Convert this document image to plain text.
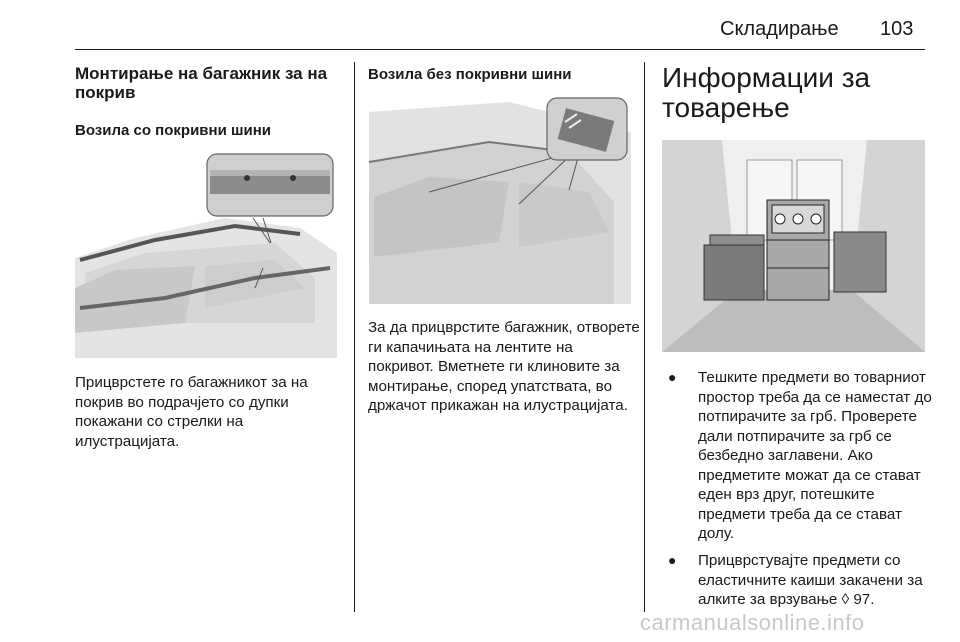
Складирање	103
Монтирање на багажник за на покрив
Возила со покривни шини

Прицврстете го багажникот за на покрив во подрачјето со дупки покажани со стрелки на илустрацијата.

Возила без покривни шини

За да прицврстите багажник, отворете ги капачињата на лентите на покривот. Вметнете ги клиновите за монтирање, според упатствата, во држачот прикажан на илустрацијата.

Информации за товарење
● Тешките предмети во товарниот простор треба да се наместат до потпирачите за грб. Проверете дали потпирачите за грб се безбедно заглавени. Ако предметите можат да се стават еден врз друг, потешките предмети треба да се стават долу.
● Прицврстувајте предмети со еластичните каиши закачени за алките за врзување ◊ 97.
carmanualsonline.info
